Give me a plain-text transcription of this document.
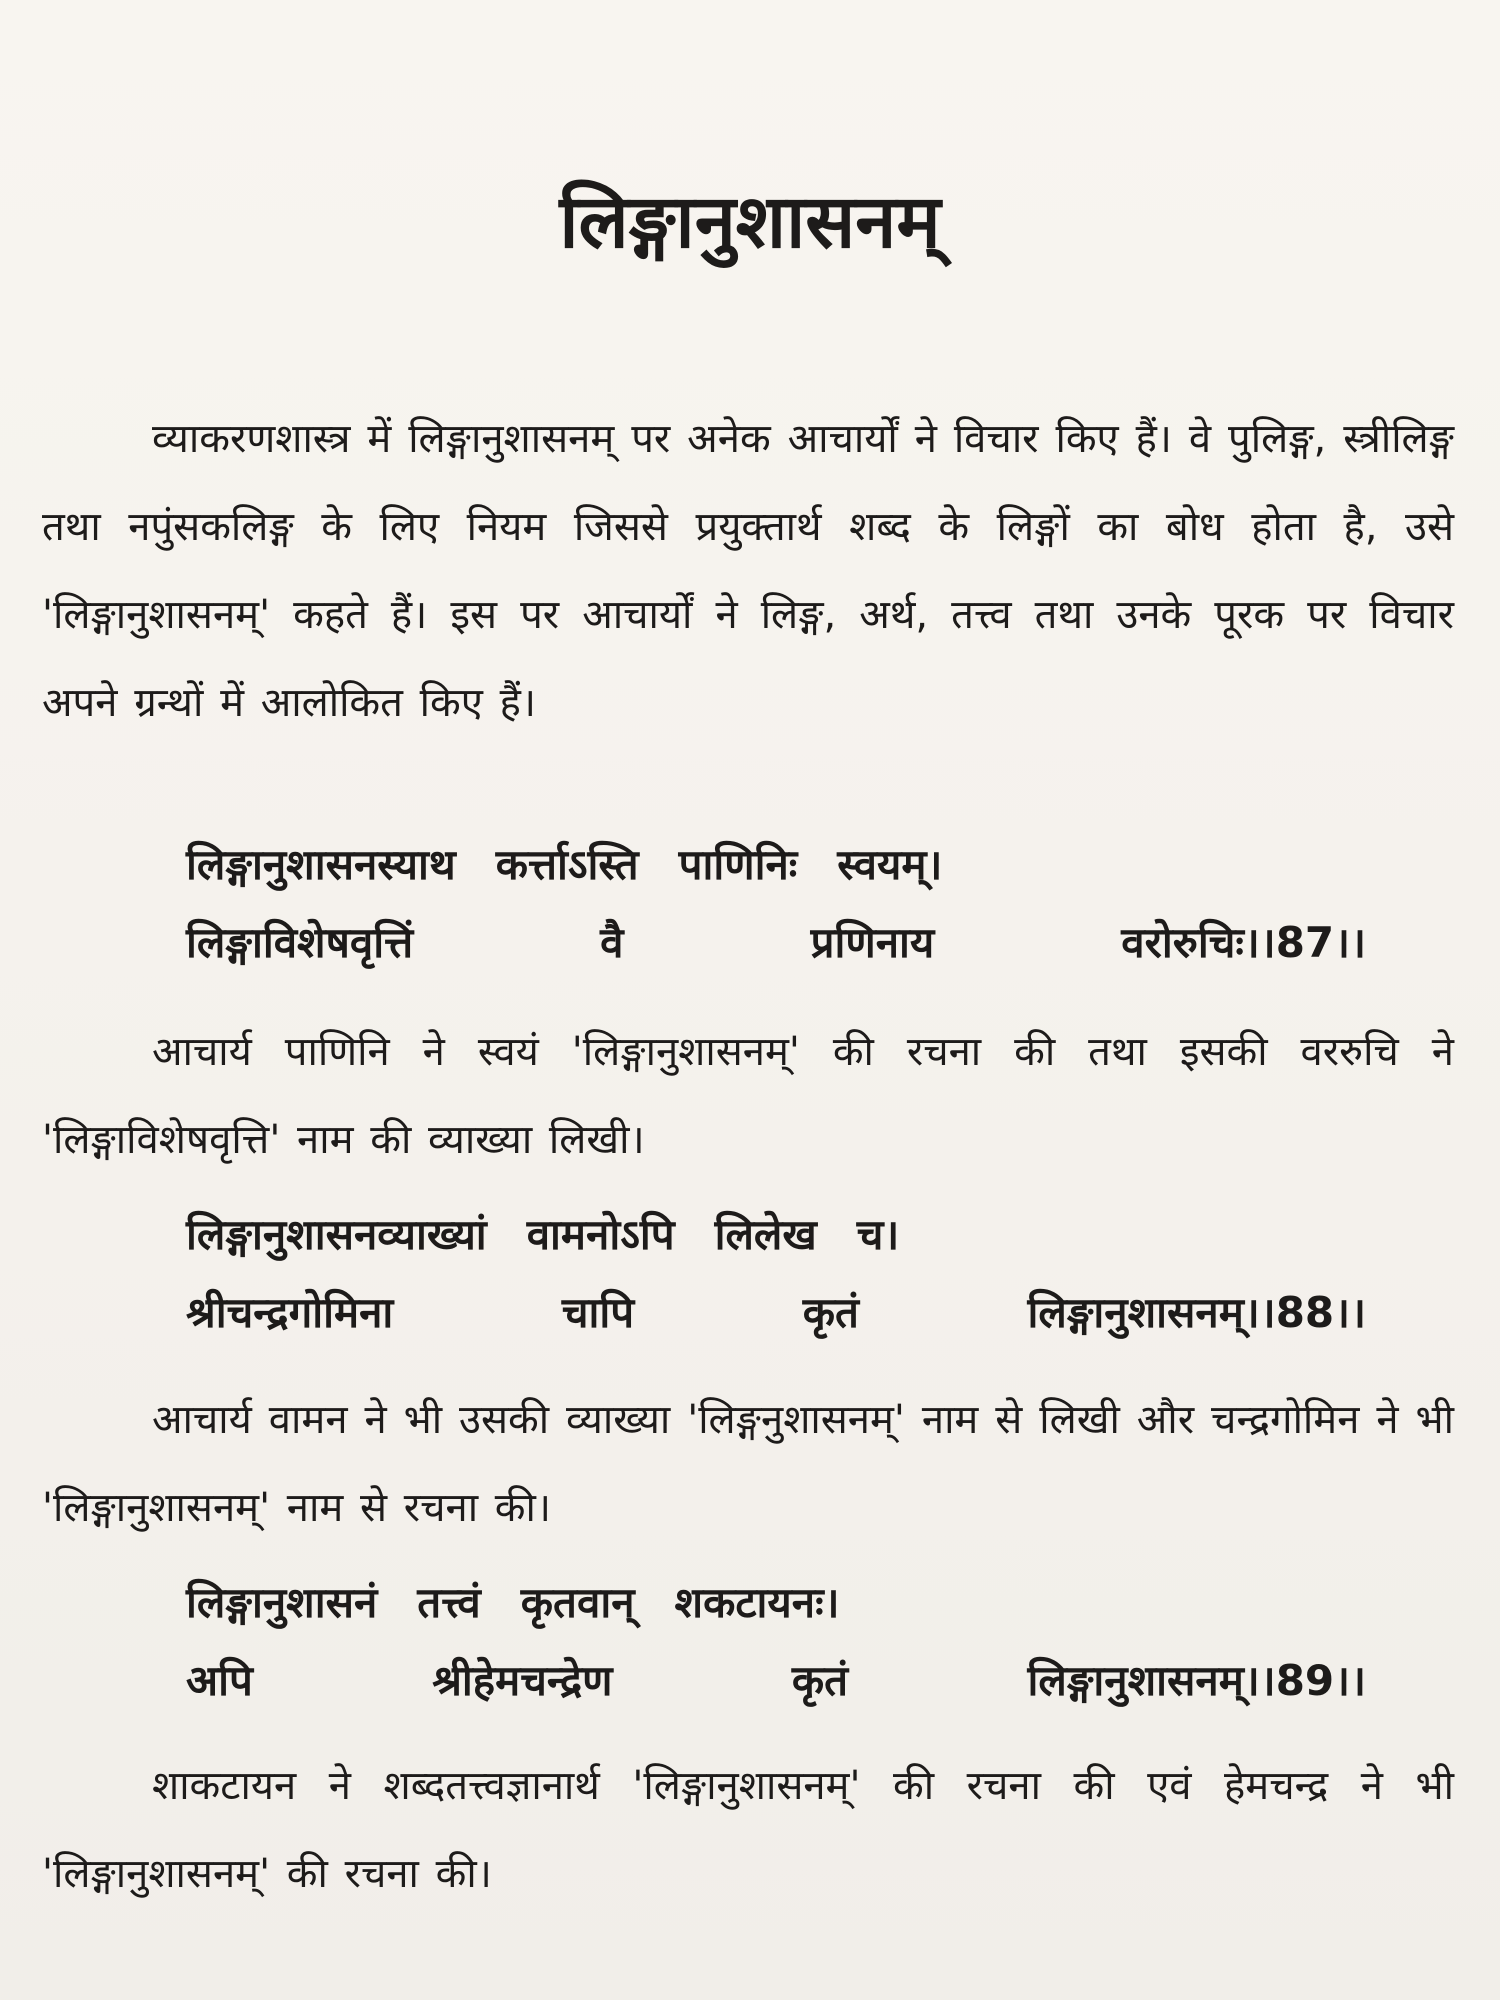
लिङ्गानुशासनम्

व्याकरणशास्त्र में लिङ्गानुशासनम् पर अनेक आचार्यों ने विचार किए हैं। वे पुलिङ्ग, स्त्रीलिङ्ग तथा नपुंसकलिङ्ग के लिए नियम जिससे प्रयुक्तार्थ शब्द के लिङ्गों का बोध होता है, उसे 'लिङ्गानुशासनम्' कहते हैं। इस पर आचार्यों ने लिङ्ग, अर्थ, तत्त्व तथा उनके पूरक पर विचार अपने ग्रन्थों में आलोकित किए हैं।

लिङ्गानुशासनस्याथ कर्त्ताऽस्ति पाणिनिः स्वयम्।
लिङ्गाविशेषवृत्तिं	वै	प्रणिनाय	वरोरुचिः।।87।।

आचार्य पाणिनि ने स्वयं 'लिङ्गानुशासनम्' की रचना की तथा इसकी वररुचि ने 'लिङ्गाविशेषवृत्ति' नाम की व्याख्या लिखी।

लिङ्गानुशासनव्याख्यां वामनोऽपि लिलेख च।
श्रीचन्द्रगोमिना	चापि	कृतं	लिङ्गानुशासनम्।।88।।

आचार्य वामन ने भी उसकी व्याख्या 'लिङ्गनुशासनम्' नाम से लिखी और चन्द्रगोमिन ने भी 'लिङ्गानुशासनम्' नाम से रचना की।

लिङ्गानुशासनं तत्त्वं कृतवान् शकटायनः।
अपि	श्रीहेमचन्द्रेण	कृतं	लिङ्गानुशासनम्।।89।।

शाकटायन ने शब्दतत्त्वज्ञानार्थ 'लिङ्गानुशासनम्' की रचना की एवं हेमचन्द्र ने भी 'लिङ्गानुशासनम्' की रचना की।
